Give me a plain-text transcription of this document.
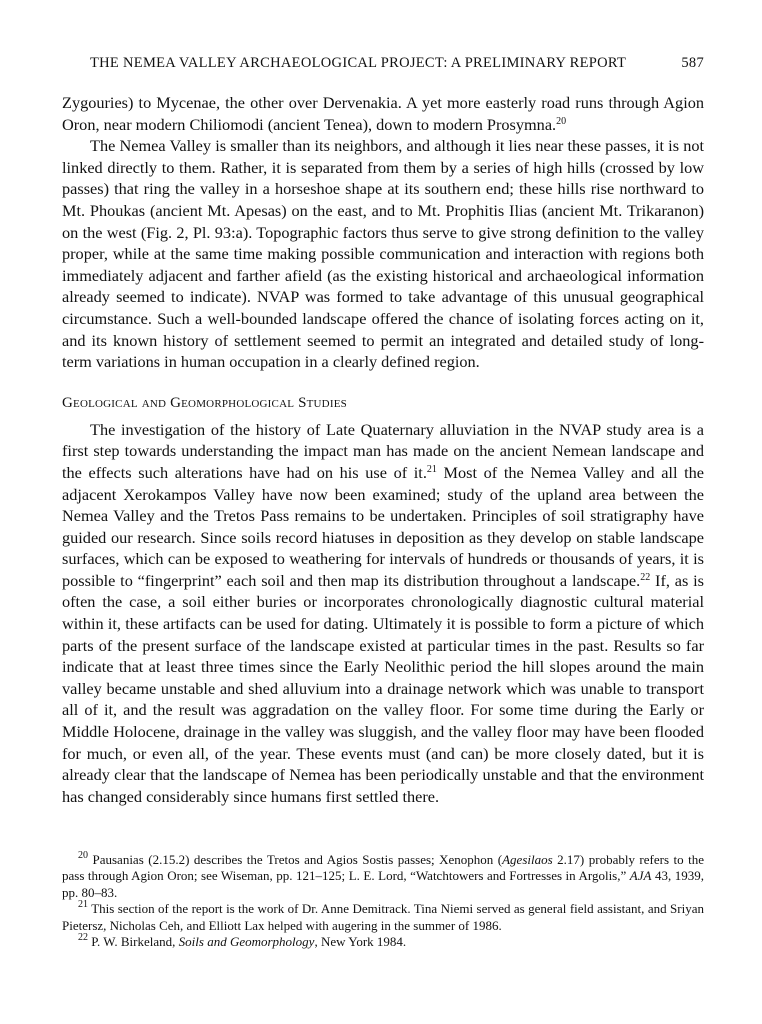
THE NEMEA VALLEY ARCHAEOLOGICAL PROJECT: A PRELIMINARY REPORT	587

Zygouries) to Mycenae, the other over Dervenakia. A yet more easterly road runs through Agion Oron, near modern Chiliomodi (ancient Tenea), down to modern Prosymna.$^{20}$

The Nemea Valley is smaller than its neighbors, and although it lies near these passes, it is not linked directly to them. Rather, it is separated from them by a series of high hills (crossed by low passes) that ring the valley in a horseshoe shape at its southern end; these hills rise northward to Mt. Phoukas (ancient Mt. Apesas) on the east, and to Mt. Prophitis Ilias (ancient Mt. Trikaranon) on the west (Fig. 2, Pl. 93:a). Topographic factors thus serve to give strong definition to the valley proper, while at the same time making possible communication and interaction with regions both immediately adjacent and farther afield (as the existing historical and archaeological information already seemed to indicate). NVAP was formed to take advantage of this unusual geographical circumstance. Such a well-bounded landscape offered the chance of isolating forces acting on it, and its known history of settlement seemed to permit an integrated and detailed study of long-term variations in human occupation in a clearly defined region.

Geological and Geomorphological Studies

The investigation of the history of Late Quaternary alluviation in the NVAP study area is a first step towards understanding the impact man has made on the ancient Nemean landscape and the effects such alterations have had on his use of it.$^{21}$ Most of the Nemea Valley and all the adjacent Xerokampos Valley have now been examined; study of the upland area between the Nemea Valley and the Tretos Pass remains to be undertaken. Principles of soil stratigraphy have guided our research. Since soils record hiatuses in deposition as they develop on stable landscape surfaces, which can be exposed to weathering for intervals of hundreds or thousands of years, it is possible to “fingerprint” each soil and then map its distribution throughout a landscape.$^{22}$ If, as is often the case, a soil either buries or incorporates chronologically diagnostic cultural material within it, these artifacts can be used for dating. Ultimately it is possible to form a picture of which parts of the present surface of the landscape existed at particular times in the past. Results so far indicate that at least three times since the Early Neolithic period the hill slopes around the main valley became unstable and shed alluvium into a drainage network which was unable to transport all of it, and the result was aggradation on the valley floor. For some time during the Early or Middle Holocene, drainage in the valley was sluggish, and the valley floor may have been flooded for much, or even all, of the year. These events must (and can) be more closely dated, but it is already clear that the landscape of Nemea has been periodically unstable and that the environment has changed considerably since humans first settled there.

$^{20}$ Pausanias (2.15.2) describes the Tretos and Agios Sostis passes; Xenophon (Agesilaos 2.17) probably refers to the pass through Agion Oron; see Wiseman, pp. 121–125; L. E. Lord, “Watchtowers and Fortresses in Argolis,” AJA 43, 1939, pp. 80–83.

$^{21}$ This section of the report is the work of Dr. Anne Demitrack. Tina Niemi served as general field assistant, and Sriyan Pietersz, Nicholas Ceh, and Elliott Lax helped with augering in the summer of 1986.

$^{22}$ P. W. Birkeland, Soils and Geomorphology, New York 1984.
